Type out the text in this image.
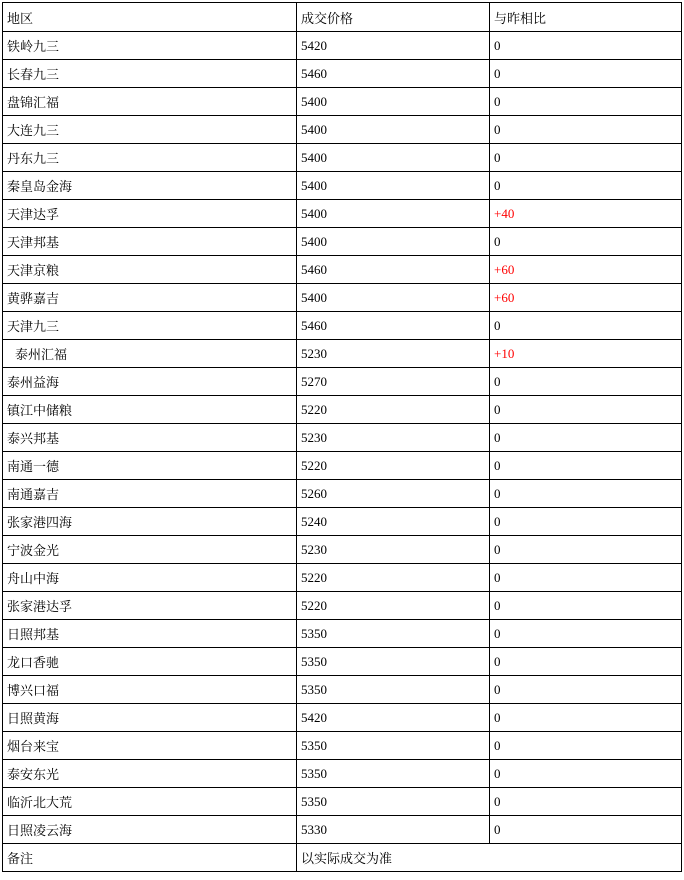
地区	成交价格	与昨相比
铁岭九三	5420	0
长春九三	5460	0
盘锦汇福	5400	0
大连九三	5400	0
丹东九三	5400	0
秦皇岛金海	5400	0
天津达孚	5400	+40
天津邦基	5400	0
天津京粮	5460	+60
黄骅嘉吉	5400	+60
天津九三	5460	0
泰州汇福	5230	+10
泰州益海	5270	0
镇江中储粮	5220	0
泰兴邦基	5230	0
南通一德	5220	0
南通嘉吉	5260	0
张家港四海	5240	0
宁波金光	5230	0
舟山中海	5220	0
张家港达孚	5220	0
日照邦基	5350	0
龙口香驰	5350	0
博兴口福	5350	0
日照黄海	5420	0
烟台来宝	5350	0
泰安东光	5350	0
临沂北大荒	5350	0
日照凌云海	5330	0
备注	以实际成交为准	
